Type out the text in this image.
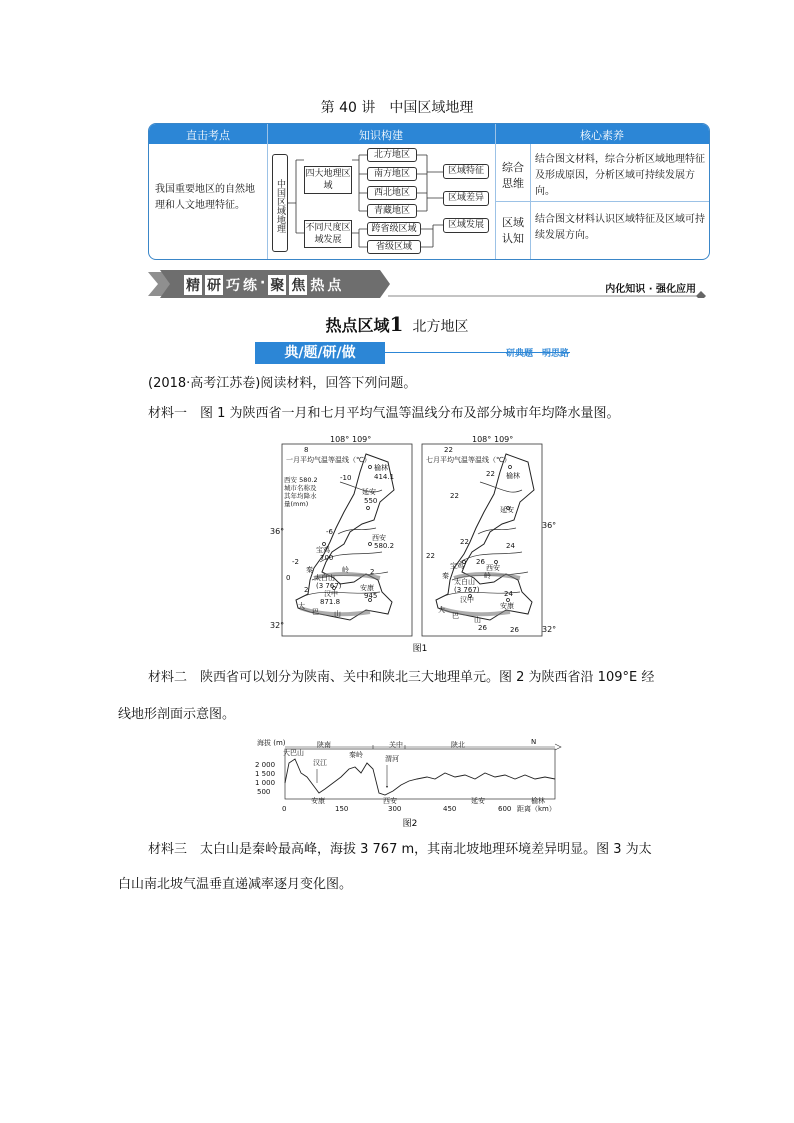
第 40 讲　中国区域地理
直击考点	知识构建	核心素养
我国重要地区的自然地理和人文地理特征。	中国区域地理
四大地理区域
不同尺度区域发展
北方地区
南方地区
西北地区
青藏地区
跨省级区域
省级区域
区域特征
区域差异
区域发展
综合思维
结合图文材料，综合分析区域地理特征及形成原因，分析区域可持续发展方向。
区域认知
结合图文材料认识区域特征及区域可持续发展方向。
精 研 巧 练 · 聚 焦 热 点	内化知识 · 强化应用
热点区域1 北方地区
典/题/研/做	研典题　明思路
(2018·高考江苏卷)阅读材料，回答下列问题。
材料一　图 1 为陕西省一月和七月平均气温等温线分布及部分城市年均降水量图。
108° 109°	108° 109°
36°
32°
36°
32°
8
一月平均气温等温线（℃）
西安 580.2 城市名称及其年均降水量(mm)
-10
-6
-2
0
2
2
榆林
414.1
延安
550
宝鸡
700
西安
580.2
汉中
871.8
安康
945
太白山
(3 767)
秦	岭
大
巴 山
22
七月平均气温等温线（℃）
22
22
22	24
22
26
24
26	26
榆林
延安
宝鸡	西安
汉中
安康
太白山
(3 767)
秦	岭
大
巴 山
图1
材料二　陕西省可以划分为陕南、关中和陕北三大地理单元。图 2 为陕西省沿 109°E 经
线地形剖面示意图。
海拔 (m)
2 000
1 500
1 000
500
0	150	300	450	600 距离（km）
陕南	关中	陕北	N
大巴山
汉江
秦岭	渭河
安康	西安	延安	榆林
图2
材料三　太白山是秦岭最高峰，海拔 3 767 m，其南北坡地理环境差异明显。图 3 为太
白山南北坡气温垂直递减率逐月变化图。
